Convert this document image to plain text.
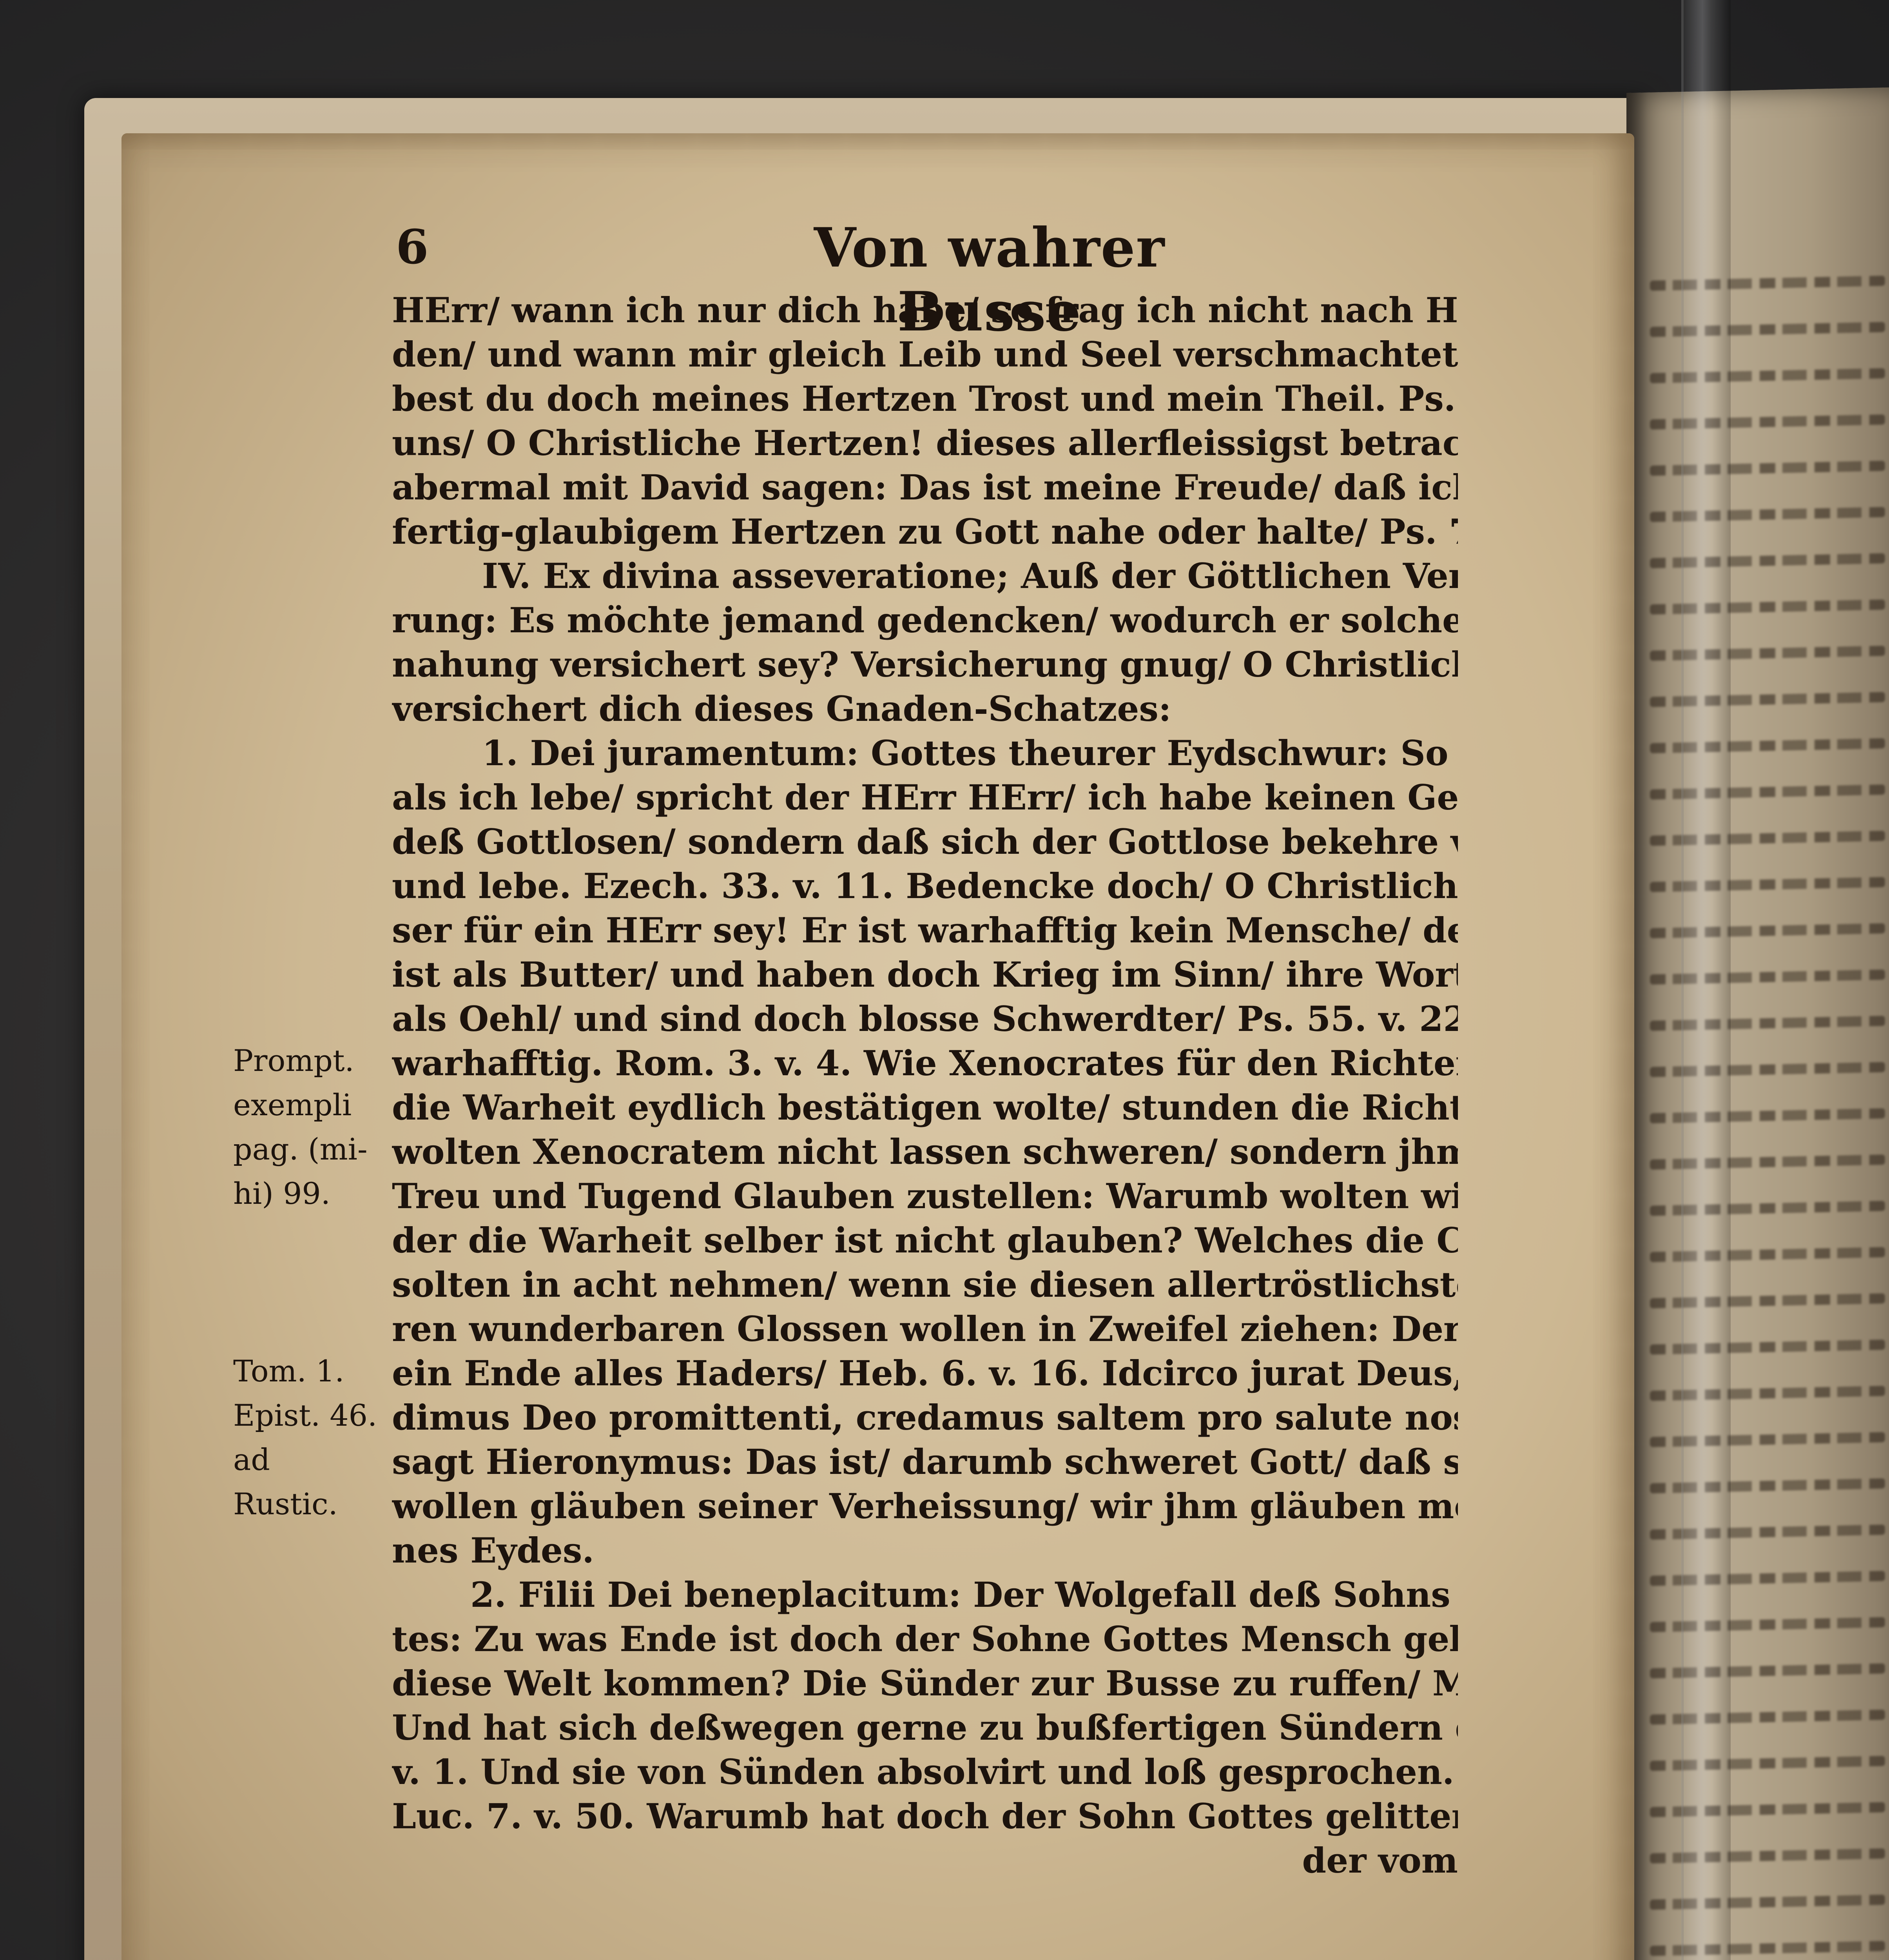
6	Von wahrer Busse
Prompt.
exempli
pag. (mi-
hi) 99.
Tom. 1.
Epist. 46.
ad Rustic.
HErr/ wann ich nur dich habe/ so frag ich nicht nach H
den/ und wann mir gleich Leib und Seel verschmachtet/
best du doch meines Hertzen Trost und mein Theil. Ps.
uns/ O Christliche Hertzen! dieses allerfleissigst betrac
abermal mit David sagen: Das ist meine Freude/ daß ic
fertig-glaubigem Hertzen zu Gott nahe oder halte/ Ps.
IV. Ex divina asseveratione; Auß der Göttlichen Ver
rung: Es möchte jemand gedencken/ wodurch er solche
nahung versichert sey? Versicherung gnug/ O Christlic
versichert dich dieses Gnaden-Schatzes:
1. Dei juramentum: Gottes theurer Eydschwur: So wahr
als ich lebe/ spricht der HErr HErr/ ich habe keinen Ge
deß Gottlosen/ sondern daß sich der Gottlose bekehre
und lebe. Ezech. 33. v. 11. Bedencke doch/ O Christlich
ser für ein HErr sey! Er ist warhafftig kein Mensche/ de
ist als Butter/ und haben doch Krieg im Sinn/ ihre Wor
als Oehl/ und sind doch blosse Schwerdter/ Ps. 55. v. 22
warhafftig. Rom. 3. v. 4. Wie Xenocrates für den Richte
die Warheit eydlich bestätigen wolte/ stunden die Richt
wolten Xenocratem nicht lassen schweren/ sondern jhm
Treu und Tugend Glauben zustellen: Warumb wolten wi
der die Warheit selber ist nicht glauben? Welches die C
solten in acht nehmen/ wenn sie diesen allertröstlichst
ren wunderbaren Glossen wollen in Zweifel ziehen: Der
ein Ende alles Haders/ Heb. 6. v. 16. Idcirco jurat Deus,
dimus Deo promittenti, credamus saltem pro salute no
sagt Hieronymus: Das ist/ darumb schweret Gott/ daß s
wollen gläuben seiner Verheissung/ wir jhm gläuben m
nes Eydes.
2. Filii Dei beneplacitum: Der Wolgefall deß Sohns Got-
tes: Zu was Ende ist doch der Sohne Gottes Mensch ge
diese Welt kommen? Die Sünder zur Busse zu ruffen/ M
Und hat sich deßwegen gerne zu bußfertigen Sündern
v. 1. Und sie von Sünden absolvirt und loß gesprochen.
Luc. 7. v. 50. Warumb hat doch der Sohn Gottes gelitte
der vom
